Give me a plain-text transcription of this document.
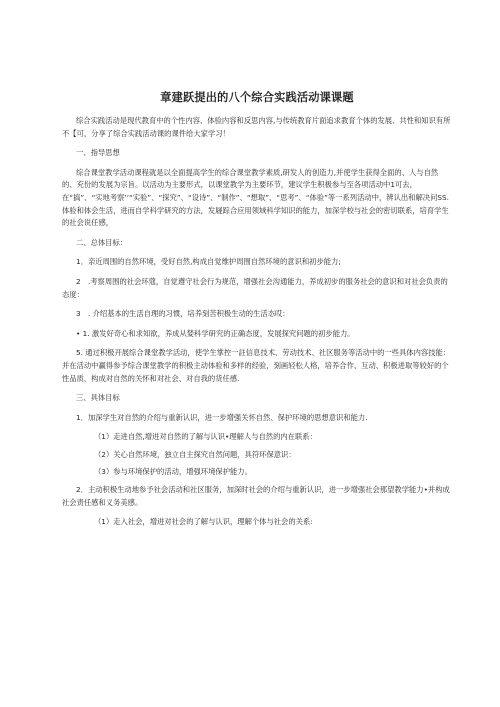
章建跃提出的八个综合实践活动课课题

综合实践活动是现代教育中的个性内容、体验内容和反思内容,与传统教育片面追求教育个体的发展、共性和知识有所不【可，分享了综合实践活动课的课件给大家学习！

一、指导思想

综合课堂教学活动课程就是以全面提高学生的综合课堂教学素质,研发人的创造力,并使学生获得全面的、人与自然的、充份的发展为宗旨。以活动为主要形式，以课堂教学为主要环节，建议学生积极参与至各项活动中1可去，在“搞”、“实地考察’‘“实验”、“探究”、“设诗”、“制作”、“想取”、“思考”、“体验”等一系列活动中，辨认出和解决问SS.体验和体会生活，进而自学科学研究的方法，发屣踪合应用领域科学知识的能力，加深学校与社会的密切联系，培育学生的社会说任感，

二、总体目标：

1．亲近周围的自然环境，受好自然,构成自觉维护周围自然环境的意识和初步能力;

2　.考察周围的社会环蔻，自觉遵守社会行为规范，增强社会沟通能力，养成初步的服务社会的意识和对社会负责的态度：

3　. 介绍基本的生活自理的习惯，培养刻苦积极生动的生活态哎：

• 1. 激发好奇心和求知欲，养成从婪科学研究的正确态度，发展探究问题的初步能力。

5. 通过积极开展综合课堂教学活动，使学生掌控一註信息技术、劳动技术、社区服务等活动中的一些具体内容技能：并在活动中赢得参予综合课堂教学的积极主动体验和多样的经验，刻画轻松人格，培养合作、互动、积极进取等较好的个性品质，构成对自然的关怀和对社会、对自我的货任感.

三、具体目标

1．加深学生对自然的介绍与重新认识，进一步增强关怀自然、保护环境的思想意识和能力.

（1）走进自然,增进对自然的了解与认识•理解人与自然的内在联系：

（2）关心自然环境，独立自主探究自然问题，具符环保意识：

（3）参与环境保护的活动，增强环境保护能力。

2．主动积极生动地参予社会活动和社区服务，加深时社会的介绍与重新认识，进一步增强社会那望教学能力•并构成社会责任感和义务美感。

（1）走入社会，增进对社会的了解与认识，理解个体与社会的关系:
